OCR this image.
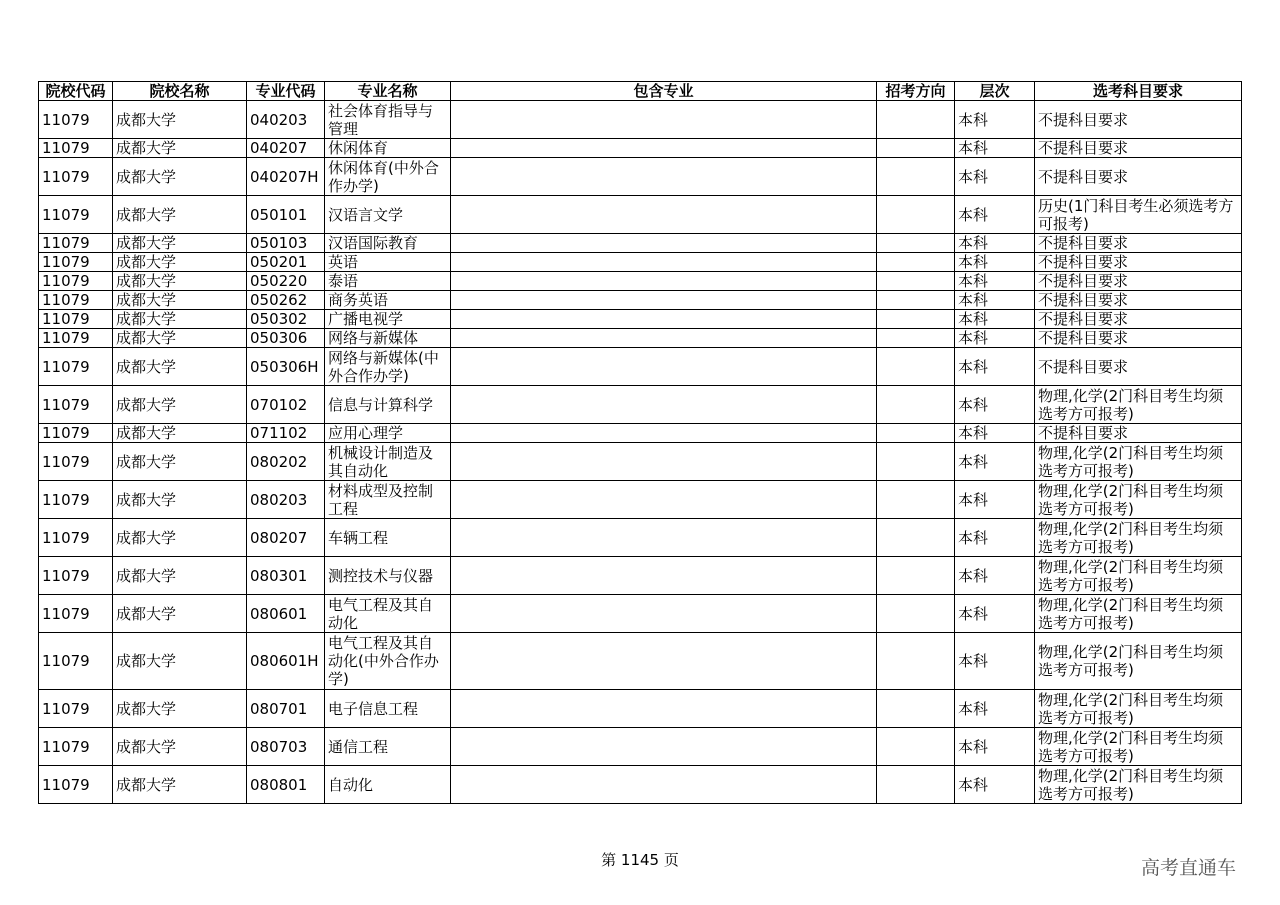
院校代码	院校名称	专业代码	专业名称	包含专业	招考方向	层次	选考科目要求
11079	成都大学	040203	社会体育指导与管理			本科	不提科目要求
11079	成都大学	040207	休闲体育			本科	不提科目要求
11079	成都大学	040207H	休闲体育(中外合作办学)			本科	不提科目要求
11079	成都大学	050101	汉语言文学			本科	历史(1门科目考生必须选考方可报考)
11079	成都大学	050103	汉语国际教育			本科	不提科目要求
11079	成都大学	050201	英语			本科	不提科目要求
11079	成都大学	050220	泰语			本科	不提科目要求
11079	成都大学	050262	商务英语			本科	不提科目要求
11079	成都大学	050302	广播电视学			本科	不提科目要求
11079	成都大学	050306	网络与新媒体			本科	不提科目要求
11079	成都大学	050306H	网络与新媒体(中外合作办学)			本科	不提科目要求
11079	成都大学	070102	信息与计算科学			本科	物理,化学(2门科目考生均须选考方可报考)
11079	成都大学	071102	应用心理学			本科	不提科目要求
11079	成都大学	080202	机械设计制造及其自动化			本科	物理,化学(2门科目考生均须选考方可报考)
11079	成都大学	080203	材料成型及控制工程			本科	物理,化学(2门科目考生均须选考方可报考)
11079	成都大学	080207	车辆工程			本科	物理,化学(2门科目考生均须选考方可报考)
11079	成都大学	080301	测控技术与仪器			本科	物理,化学(2门科目考生均须选考方可报考)
11079	成都大学	080601	电气工程及其自动化			本科	物理,化学(2门科目考生均须选考方可报考)
11079	成都大学	080601H	电气工程及其自动化(中外合作办学)			本科	物理,化学(2门科目考生均须选考方可报考)
11079	成都大学	080701	电子信息工程			本科	物理,化学(2门科目考生均须选考方可报考)
11079	成都大学	080703	通信工程			本科	物理,化学(2门科目考生均须选考方可报考)
11079	成都大学	080801	自动化			本科	物理,化学(2门科目考生均须选考方可报考)
第 1145 页	高考直通车
